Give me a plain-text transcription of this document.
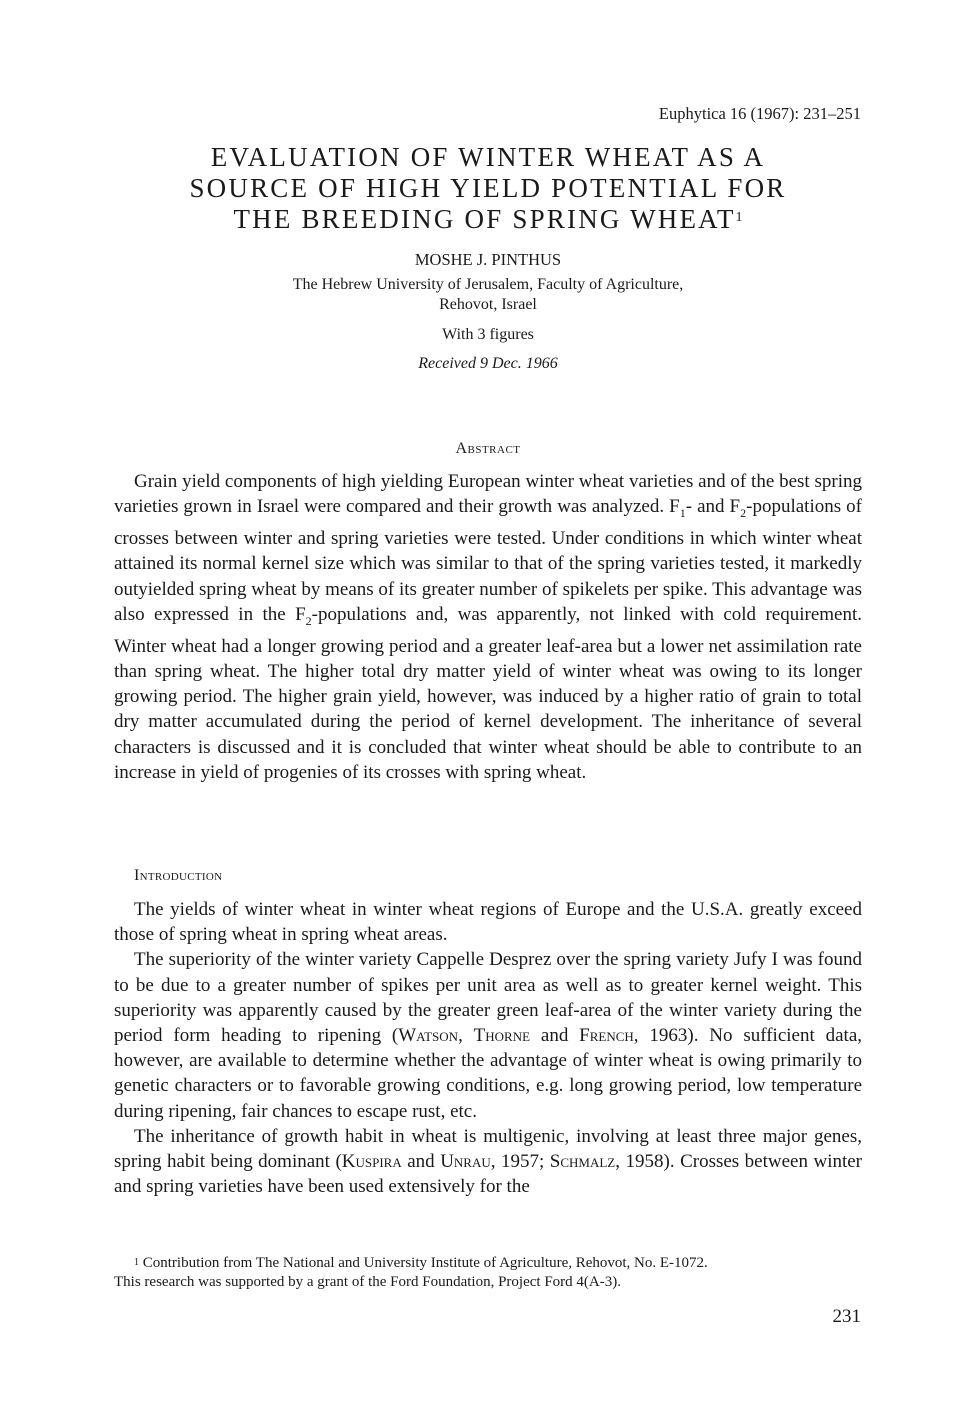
Euphytica 16 (1967): 231–251
EVALUATION OF WINTER WHEAT AS A
SOURCE OF HIGH YIELD POTENTIAL FOR
THE BREEDING OF SPRING WHEAT$^1$
MOSHE J. PINTHUS
The Hebrew University of Jerusalem, Faculty of Agriculture,
Rehovot, Israel
With 3 figures
Received 9 Dec. 1966
Abstract
Grain yield components of high yielding European winter wheat varieties and of the best spring varieties grown in Israel were compared and their growth was analyzed. $F_1-$ and $F_2$-populations of crosses between winter and spring varieties were tested. Under conditions in which winter wheat attained its normal kernel size which was similar to that of the spring varieties tested, it markedly outyielded spring wheat by means of its greater number of spikelets per spike. This advantage was also expressed in the $F_2$-populations and, was apparently, not linked with cold requirement. Winter wheat had a longer growing period and a greater leaf-area but a lower net assimilation rate than spring wheat. The higher total dry matter yield of winter wheat was owing to its longer growing period. The higher grain yield, however, was induced by a higher ratio of grain to total dry matter accumulated during the period of kernel development. The inheritance of several characters is discussed and it is concluded that winter wheat should be able to contribute to an increase in yield of progenies of its crosses with spring wheat.
Introduction

The yields of winter wheat in winter wheat regions of Europe and the U.S.A. greatly exceed those of spring wheat in spring wheat areas.

The superiority of the winter variety Cappelle Desprez over the spring variety Jufy I was found to be due to a greater number of spikes per unit area as well as to greater kernel weight. This superiority was apparently caused by the greater green leaf-area of the winter variety during the period form heading to ripening (Watson, Thorne and French, 1963). No sufficient data, however, are available to determine whether the advantage of winter wheat is owing primarily to genetic characters or to favorable growing conditions, e.g. long growing period, low temperature during ripening, fair chances to escape rust, etc.

The inheritance of growth habit in wheat is multigenic, involving at least three major genes, spring habit being dominant (Kuspira and Unrau, 1957; Schmalz, 1958). Crosses between winter and spring varieties have been used extensively for the

$^1$ Contribution from The National and University Institute of Agriculture, Rehovot, No. E-1072.

This research was supported by a grant of the Ford Foundation, Project Ford 4(A-3).
231
